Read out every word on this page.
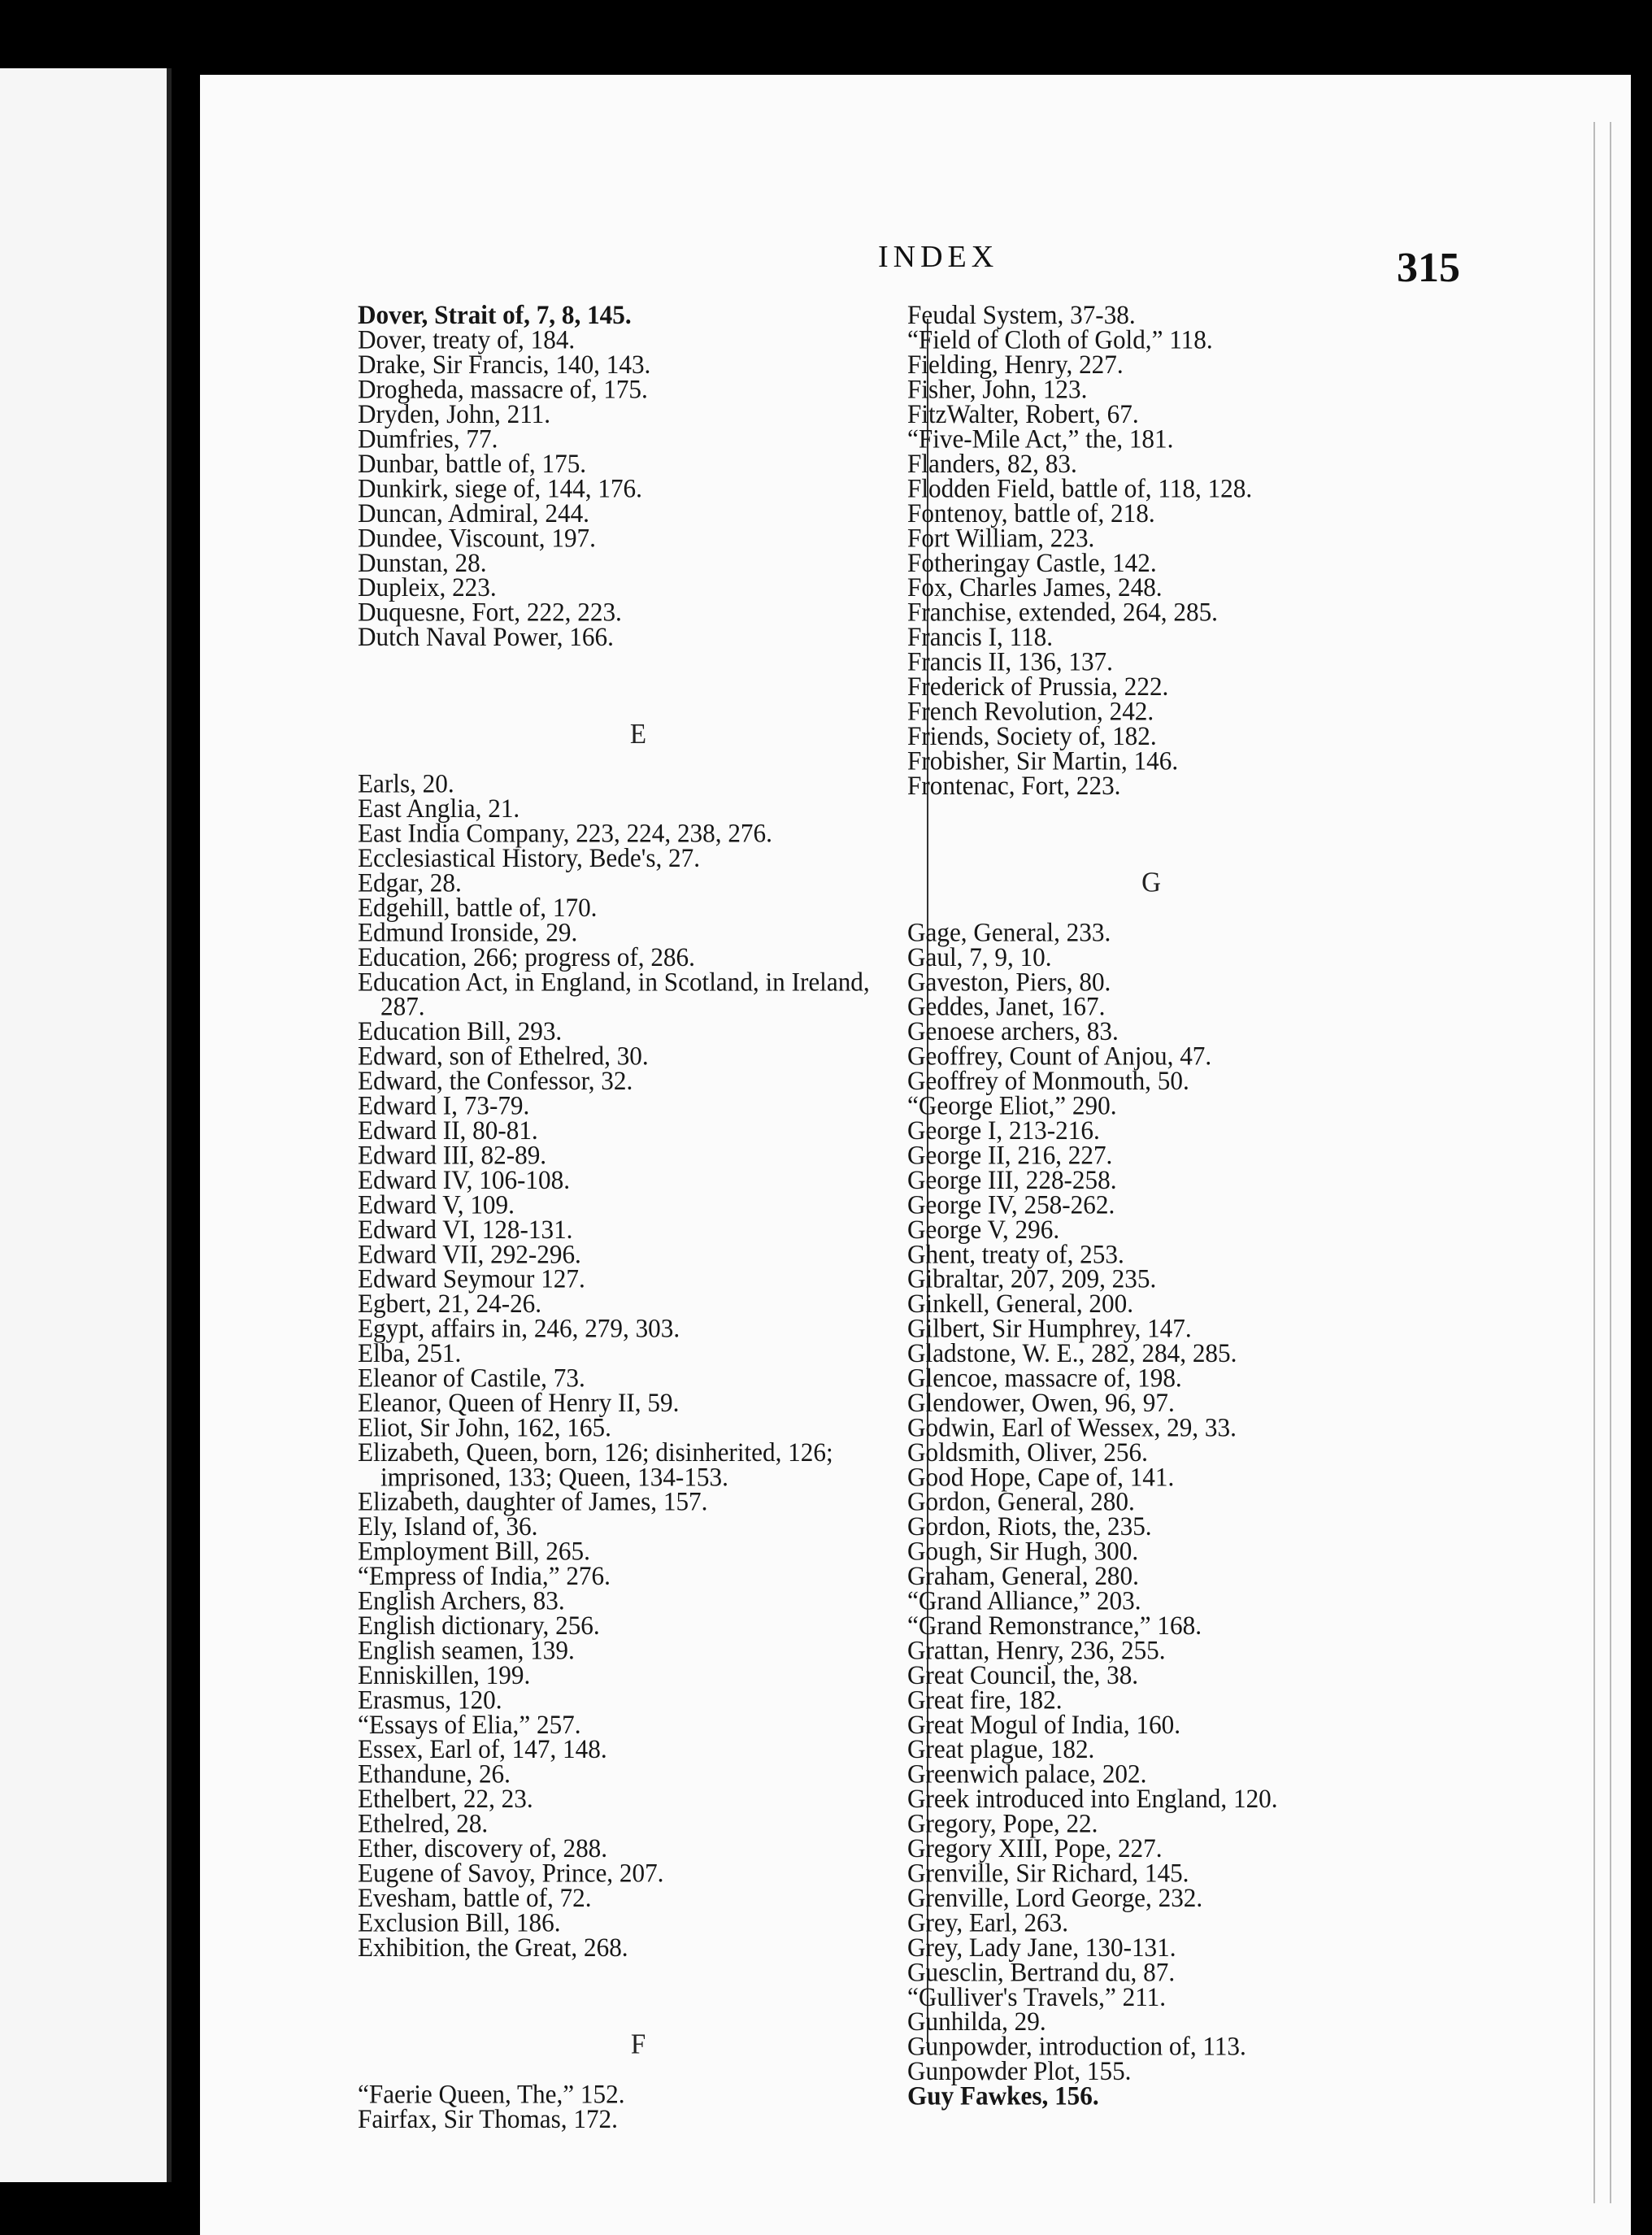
INDEX	315
Dover, Strait of, 7, 8, 145.
Dover, treaty of, 184.
Drake, Sir Francis, 140, 143.
Drogheda, massacre of, 175.
Dryden, John, 211.
Dumfries, 77.
Dunbar, battle of, 175.
Dunkirk, siege of, 144, 176.
Duncan, Admiral, 244.
Dundee, Viscount, 197.
Dunstan, 28.
Dupleix, 223.
Duquesne, Fort, 222, 223.
Dutch Naval Power, 166.
E
Earls, 20.
East Anglia, 21.
East India Company, 223, 224, 238, 276.
Ecclesiastical History, Bede's, 27.
Edgar, 28.
Edgehill, battle of, 170.
Edmund Ironside, 29.
Education, 266; progress of, 286.
Education Act, in England, in Scotland, in Ireland, 287.
Education Bill, 293.
Edward, son of Ethelred, 30.
Edward, the Confessor, 32.
Edward I, 73-79.
Edward II, 80-81.
Edward III, 82-89.
Edward IV, 106-108.
Edward V, 109.
Edward VI, 128-131.
Edward VII, 292-296.
Edward Seymour 127.
Egbert, 21, 24-26.
Egypt, affairs in, 246, 279, 303.
Elba, 251.
Eleanor of Castile, 73.
Eleanor, Queen of Henry II, 59.
Eliot, Sir John, 162, 165.
Elizabeth, Queen, born, 126; disinherited, 126; imprisoned, 133; Queen, 134-153.
Elizabeth, daughter of James, 157.
Ely, Island of, 36.
Employment Bill, 265.
“Empress of India,” 276.
English Archers, 83.
English dictionary, 256.
English seamen, 139.
Enniskillen, 199.
Erasmus, 120.
“Essays of Elia,” 257.
Essex, Earl of, 147, 148.
Ethandune, 26.
Ethelbert, 22, 23.
Ethelred, 28.
Ether, discovery of, 288.
Eugene of Savoy, Prince, 207.
Evesham, battle of, 72.
Exclusion Bill, 186.
Exhibition, the Great, 268.
F
“Faerie Queen, The,” 152.
Fairfax, Sir Thomas, 172.
Feudal System, 37-38.
“Field of Cloth of Gold,” 118.
Fielding, Henry, 227.
Fisher, John, 123.
FitzWalter, Robert, 67.
“Five-Mile Act,” the, 181.
Flanders, 82, 83.
Flodden Field, battle of, 118, 128.
Fontenoy, battle of, 218.
Fort William, 223.
Fotheringay Castle, 142.
Fox, Charles James, 248.
Franchise, extended, 264, 285.
Francis I, 118.
Francis II, 136, 137.
Frederick of Prussia, 222.
French Revolution, 242.
Friends, Society of, 182.
Frobisher, Sir Martin, 146.
Frontenac, Fort, 223.
G
Gage, General, 233.
Gaul, 7, 9, 10.
Gaveston, Piers, 80.
Geddes, Janet, 167.
Genoese archers, 83.
Geoffrey, Count of Anjou, 47.
Geoffrey of Monmouth, 50.
“George Eliot,” 290.
George I, 213-216.
George II, 216, 227.
George III, 228-258.
George IV, 258-262.
George V, 296.
Ghent, treaty of, 253.
Gibraltar, 207, 209, 235.
Ginkell, General, 200.
Gilbert, Sir Humphrey, 147.
Gladstone, W. E., 282, 284, 285.
Glencoe, massacre of, 198.
Glendower, Owen, 96, 97.
Godwin, Earl of Wessex, 29, 33.
Goldsmith, Oliver, 256.
Good Hope, Cape of, 141.
Gordon, General, 280.
Gordon, Riots, the, 235.
Gough, Sir Hugh, 300.
Graham, General, 280.
“Grand Alliance,” 203.
“Grand Remonstrance,” 168.
Grattan, Henry, 236, 255.
Great Council, the, 38.
Great fire, 182.
Great Mogul of India, 160.
Great plague, 182.
Greenwich palace, 202.
Greek introduced into England, 120.
Gregory, Pope, 22.
Gregory XIII, Pope, 227.
Grenville, Sir Richard, 145.
Grenville, Lord George, 232.
Grey, Earl, 263.
Grey, Lady Jane, 130-131.
Guesclin, Bertrand du, 87.
“Gulliver's Travels,” 211.
Gunhilda, 29.
Gunpowder, introduction of, 113.
Gunpowder Plot, 155.
Guy Fawkes, 156.
